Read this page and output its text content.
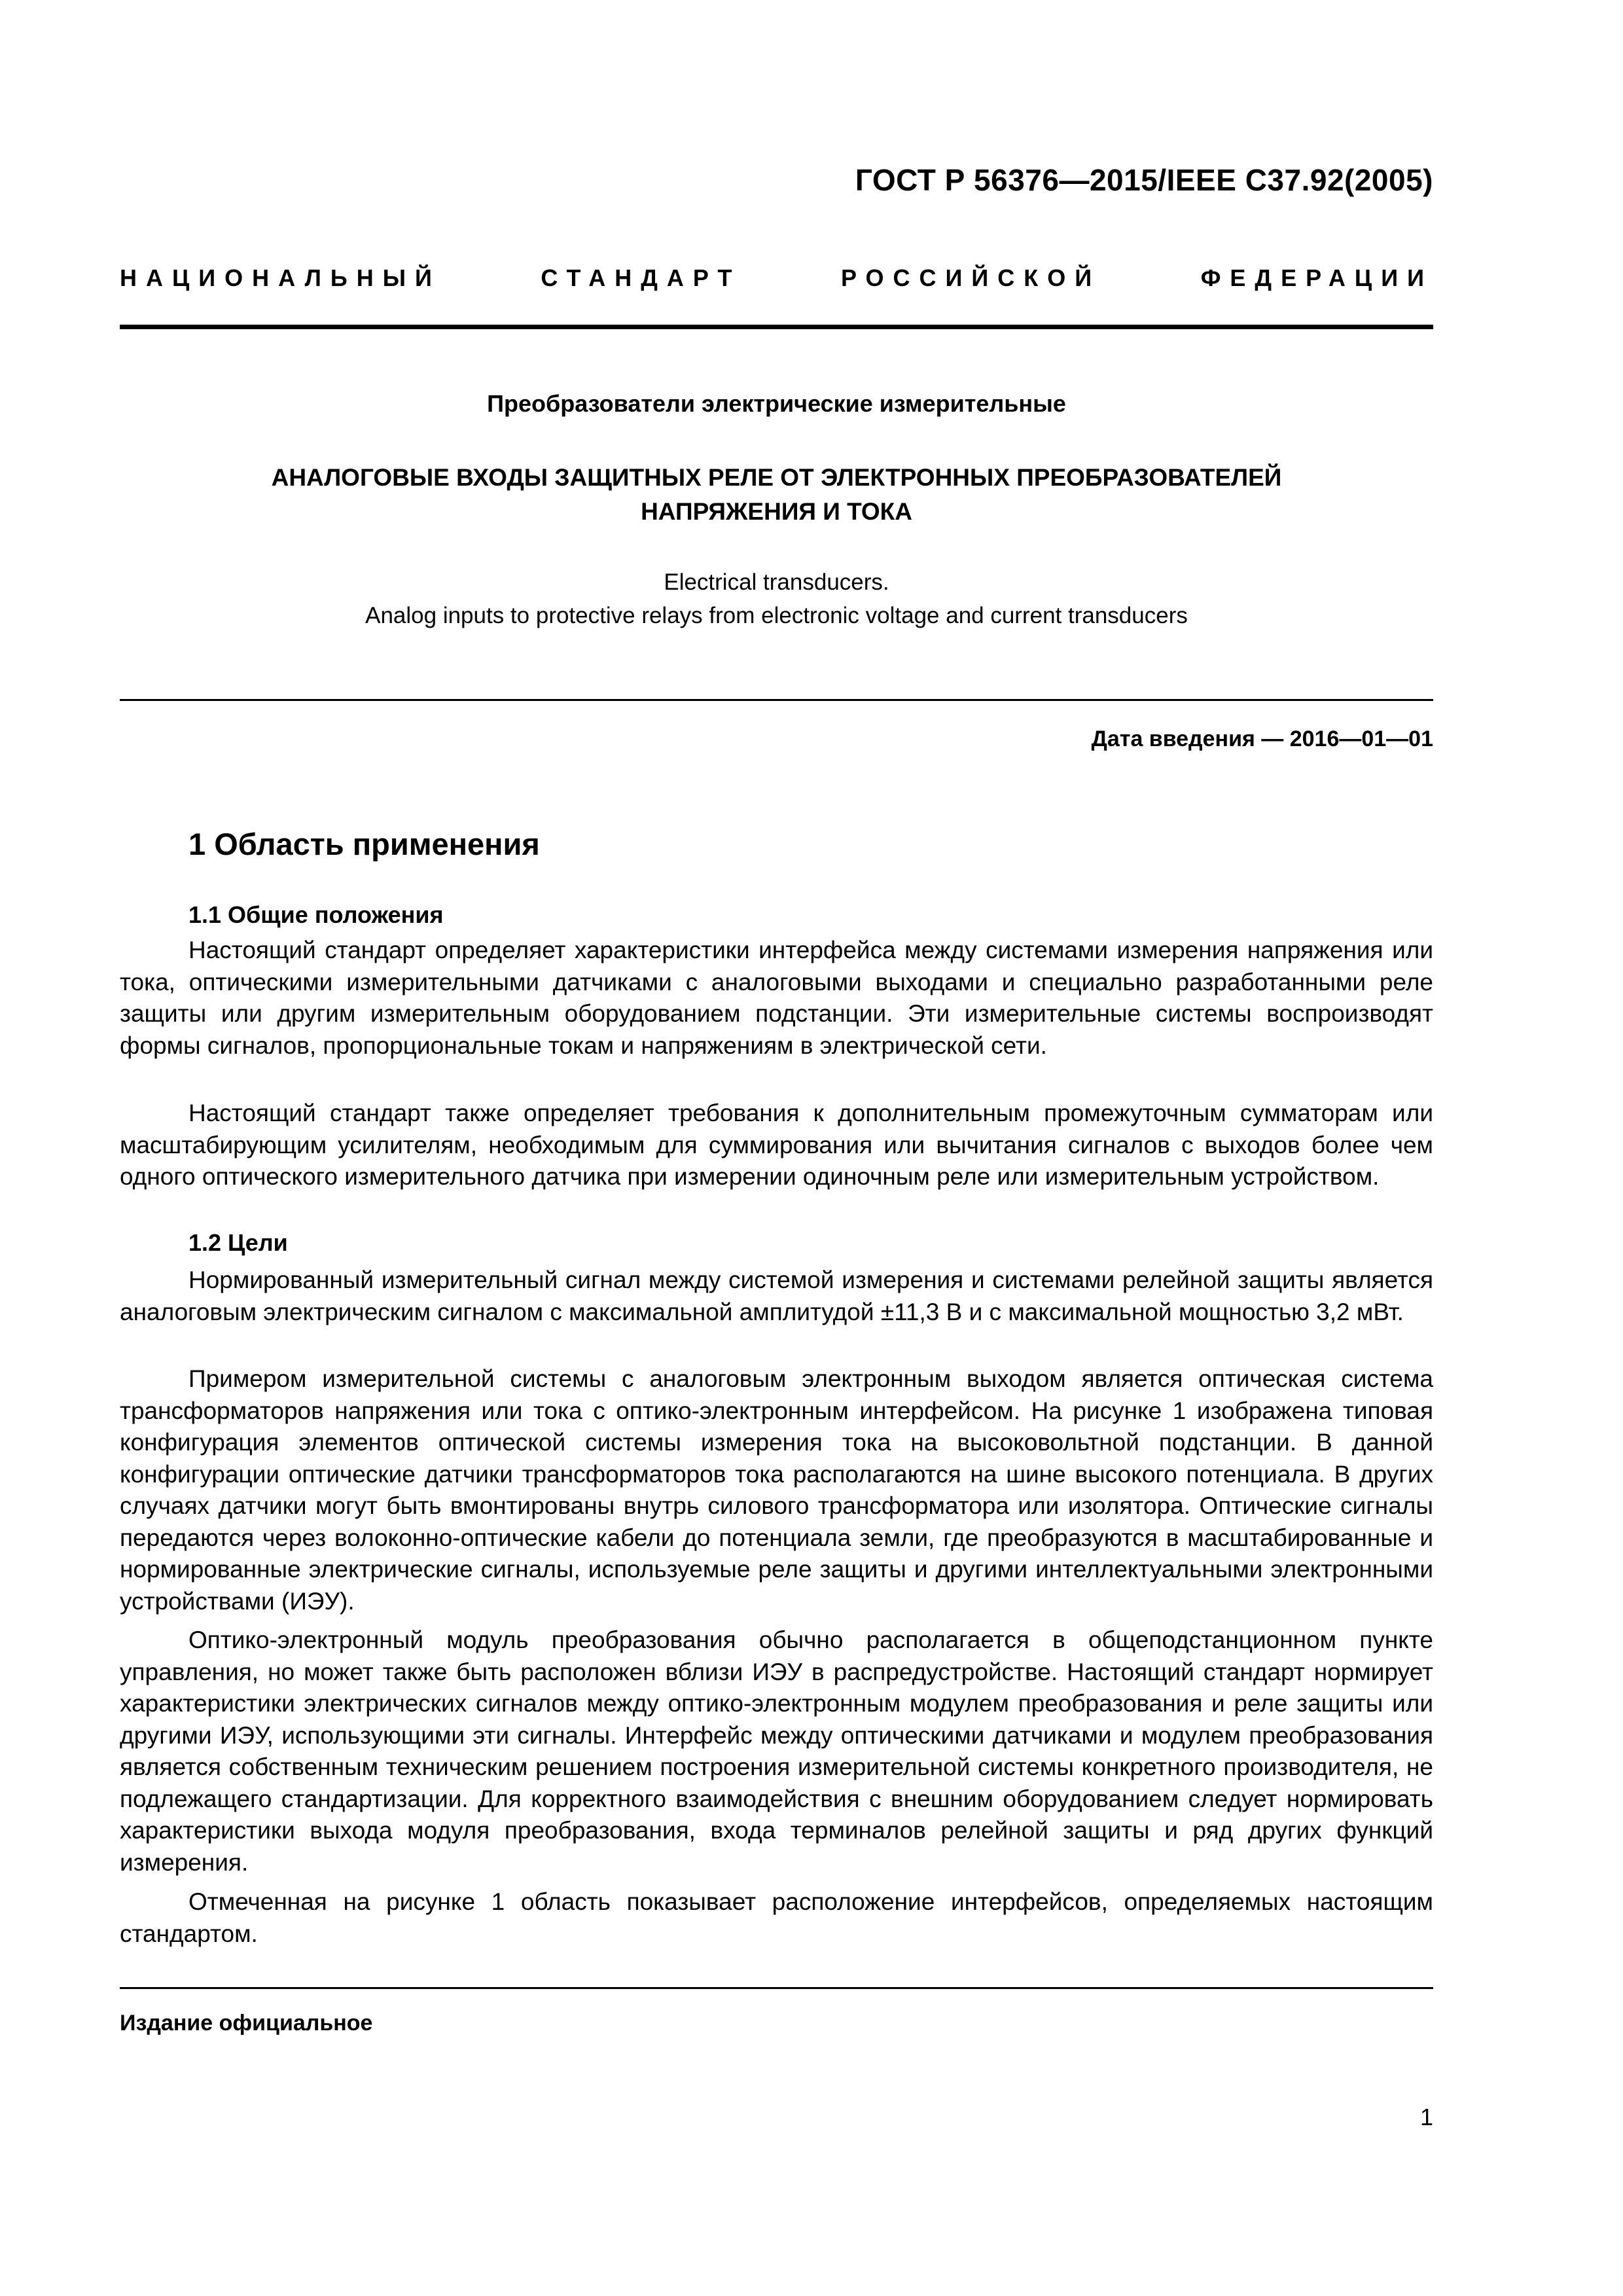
ГОСТ Р 56376—2015/IEEE C37.92(2005)
НАЦИОНАЛЬНЫЙ	СТАНДАРТ	РОССИЙСКОЙ	ФЕДЕРАЦИИ
Преобразователи электрические измерительные
АНАЛОГОВЫЕ ВХОДЫ ЗАЩИТНЫХ РЕЛЕ ОТ ЭЛЕКТРОННЫХ ПРЕОБРАЗОВАТЕЛЕЙ
НАПРЯЖЕНИЯ И ТОКА
Electrical transducers.
Analog inputs to protective relays from electronic voltage and current transducers
Дата введения — 2016—01—01
1 Область применения
1.1 Общие положения

Настоящий стандарт определяет характеристики интерфейса между системами измерения напряжения или тока, оптическими измерительными датчиками с аналоговыми выходами и специально разработанными реле защиты или другим измерительным оборудованием подстанции. Эти измерительные системы воспроизводят формы сигналов, пропорциональные токам и напряжениям в электрической сети.

Настоящий стандарт также определяет требования к дополнительным промежуточным сумматорам или масштабирующим усилителям, необходимым для суммирования или вычитания сигналов с выходов более чем одного оптического измерительного датчика при измерении одиночным реле или измерительным устройством.

1.2 Цели

Нормированный измерительный сигнал между системой измерения и системами релейной защиты является аналоговым электрическим сигналом с максимальной амплитудой ±11,3 В и с максимальной мощностью 3,2 мВт.

Примером измерительной системы с аналоговым электронным выходом является оптическая система трансформаторов напряжения или тока с оптико-электронным интерфейсом. На рисунке 1 изображена типовая конфигурация элементов оптической системы измерения тока на высоковольтной подстанции. В данной конфигурации оптические датчики трансформаторов тока располагаются на шине высокого потенциала. В других случаях датчики могут быть вмонтированы внутрь силового трансформатора или изолятора. Оптические сигналы передаются через волоконно-оптические кабели до потенциала земли, где преобразуются в масштабированные и нормированные электрические сигналы, используемые реле защиты и другими интеллектуальными электронными устройствами (ИЭУ).

Оптико-электронный модуль преобразования обычно располагается в общеподстанционном пункте управления, но может также быть расположен вблизи ИЭУ в распредустройстве. Настоящий стандарт нормирует характеристики электрических сигналов между оптико-электронным модулем преобразования и реле защиты или другими ИЭУ, использующими эти сигналы. Интерфейс между оптическими датчиками и модулем преобразования является собственным техническим решением построения измерительной системы конкретного производителя, не подлежащего стандартизации. Для корректного взаимодействия с внешним оборудованием следует нормировать характеристики выхода модуля преобразования, входа терминалов релейной защиты и ряд других функций измерения.

Отмеченная на рисунке 1 область показывает расположение интерфейсов, определяемых настоящим стандартом.

Издание официальное
1
